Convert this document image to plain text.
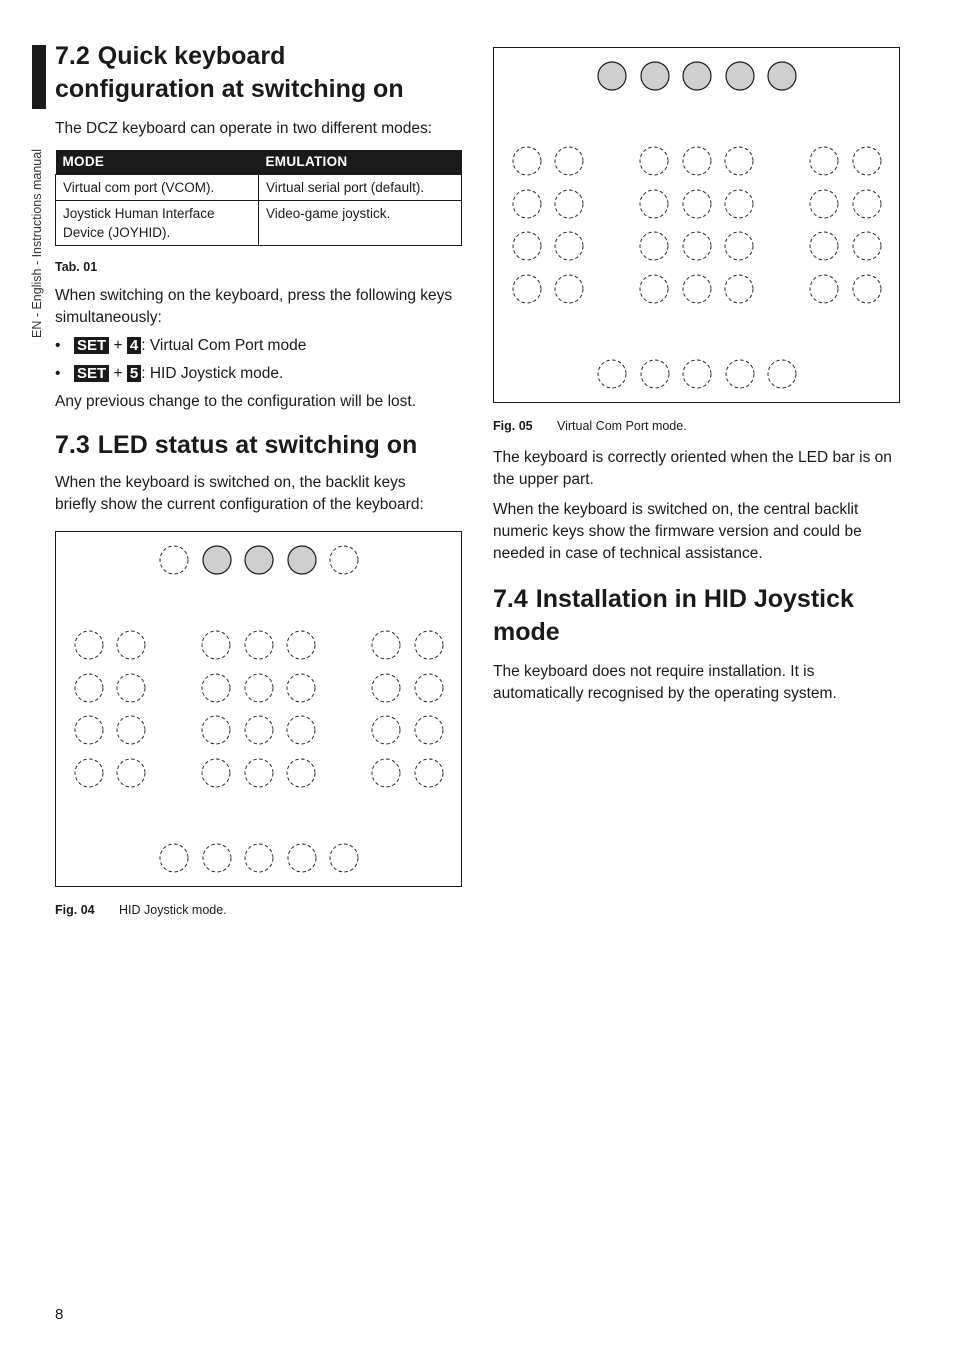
EN - English - Instructions manual
7.2 Quick keyboard
configuration at switching on

The DCZ keyboard can operate in two different modes:

MODE	EMULATION
Virtual com port (VCOM).	Virtual serial port (default).
Joystick Human Interface Device (JOYHID).	Video-game joystick.
Tab. 01

When switching on the keyboard, press the following keys simultaneously:

• SET + 4 : Virtual Com Port mode
• SET + 5 : HID Joystick mode.

Any previous change to the configuration will be lost.

7.3 LED status at switching on

When the keyboard is switched on, the backlit keys briefly show the current configuration of the keyboard:

Fig. 04	HID Joystick mode.
Fig. 05	Virtual Com Port mode.

The keyboard is correctly oriented when the LED bar is on the upper part.

When the keyboard is switched on, the central backlit numeric keys show the firmware version and could be needed in case of technical assistance.

7.4 Installation in HID Joystick
mode

The keyboard does not require installation. It is automatically recognised by the operating system.

8
